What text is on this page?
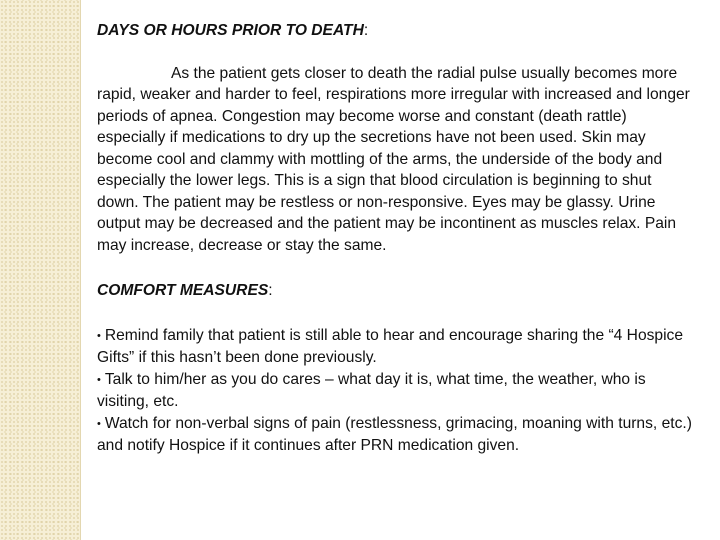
DAYS OR HOURS PRIOR TO DEATH:

As the patient gets closer to death the radial pulse usually becomes more rapid, weaker and harder to feel, respirations more irregular with increased and longer periods of apnea. Congestion may become worse and constant (death rattle) especially if medications to dry up the secretions have not been used. Skin may become cool and clammy with mottling of the arms, the underside of the body and especially the lower legs. This is a sign that blood circulation is beginning to shut down. The patient may be restless or non-responsive. Eyes may be glassy. Urine output may be decreased and the patient may be incontinent as muscles relax. Pain may increase, decrease or stay the same.

COMFORT MEASURES:

• Remind family that patient is still able to hear and encourage sharing the “4 Hospice Gifts” if this hasn’t been done previously.
• Talk to him/her as you do cares – what day it is, what time, the weather, who is visiting, etc.
• Watch for non-verbal signs of pain (restlessness, grimacing, moaning with turns, etc.) and notify Hospice if it continues after PRN medication given.
